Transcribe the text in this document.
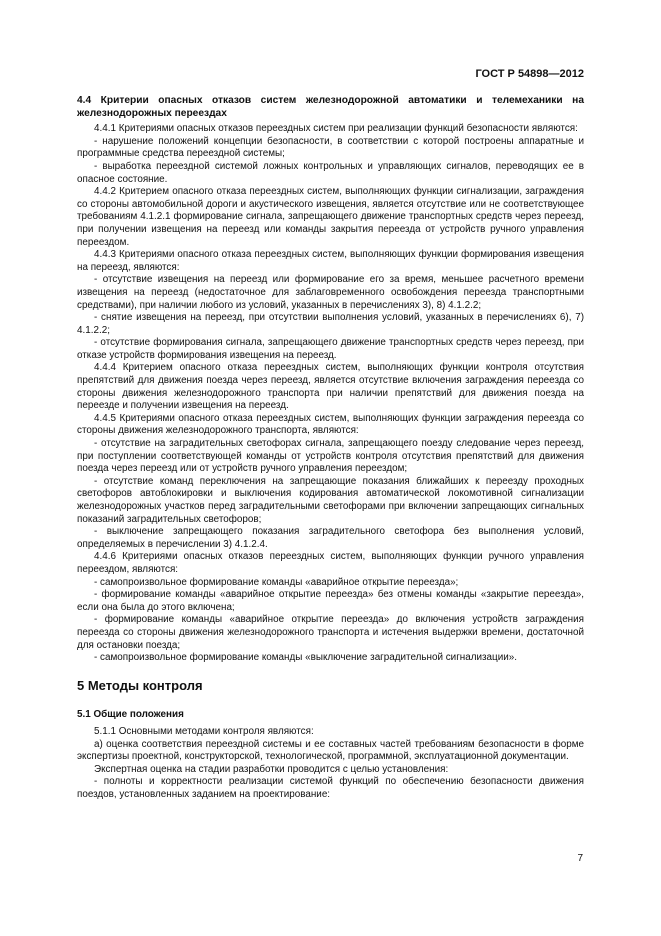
ГОСТ Р 54898—2012

4.4 Критерии опасных отказов систем железнодорожной автоматики и телемеханики на железнодорожных переездах

4.4.1 Критериями опасных отказов переездных систем при реализации функций безопасности являются:

- нарушение положений концепции безопасности, в соответствии с которой построены аппаратные и программные средства переездной системы;

- выработка переездной системой ложных контрольных и управляющих сигналов, переводящих ее в опасное состояние.

4.4.2 Критерием опасного отказа переездных систем, выполняющих функции сигнализации, заграждения со стороны автомобильной дороги и акустического извещения, является отсутствие или не соответствующее требованиям 4.1.2.1 формирование сигнала, запрещающего движение транспортных средств через переезд, при получении извещения на переезд или команды закрытия переезда от устройств ручного управления переездом.

4.4.3 Критериями опасного отказа переездных систем, выполняющих функции формирования извещения на переезд, являются:

- отсутствие извещения на переезд или формирование его за время, меньшее расчетного времени извещения на переезд (недостаточное для заблаговременного освобождения переезда транспортными средствами), при наличии любого из условий, указанных в перечислениях 3), 8) 4.1.2.2;

- снятие извещения на переезд, при отсутствии выполнения условий, указанных в перечислениях 6), 7) 4.1.2.2;

- отсутствие формирования сигнала, запрещающего движение транспортных средств через переезд, при отказе устройств формирования извещения на переезд.

4.4.4 Критерием опасного отказа переездных систем, выполняющих функции контроля отсутствия препятствий для движения поезда через переезд, является отсутствие включения заграждения переезда со стороны движения железнодорожного транспорта при наличии препятствий для движения поезда на переезде и получении извещения на переезд.

4.4.5 Критериями опасного отказа переездных систем, выполняющих функции заграждения переезда со стороны движения железнодорожного транспорта, являются:

- отсутствие на заградительных светофорах сигнала, запрещающего поезду следование через переезд, при поступлении соответствующей команды от устройств контроля отсутствия препятствий для движения поезда через переезд или от устройств ручного управления переездом;

- отсутствие команд переключения на запрещающие показания ближайших к переезду проходных светофоров автоблокировки и выключения кодирования автоматической локомотивной сигнализации железнодорожных участков перед заградительными светофорами при включении запрещающих сигнальных показаний заградительных светофоров;

- выключение запрещающего показания заградительного светофора без выполнения условий, определяемых в перечислении 3) 4.1.2.4.

4.4.6 Критериями опасных отказов переездных систем, выполняющих функции ручного управления переездом, являются:

- самопроизвольное формирование команды «аварийное открытие переезда»;

- формирование команды «аварийное открытие переезда» без отмены команды «закрытие переезда», если она была до этого включена;

- формирование команды «аварийное открытие переезда» до включения устройств заграждения переезда со стороны движения железнодорожного транспорта и истечения выдержки времени, достаточной для остановки поезда;

- самопроизвольное формирование команды «выключение заградительной сигнализации».

5 Методы контроля

5.1 Общие положения

5.1.1 Основными методами контроля являются:

а) оценка соответствия переездной системы и ее составных частей требованиям безопасности в форме экспертизы проектной, конструкторской, технологической, программной, эксплуатационной документации.

Экспертная оценка на стадии разработки проводится с целью установления:

- полноты и корректности реализации системой функций по обеспечению безопасности движения поездов, установленных заданием на проектирование:

7
